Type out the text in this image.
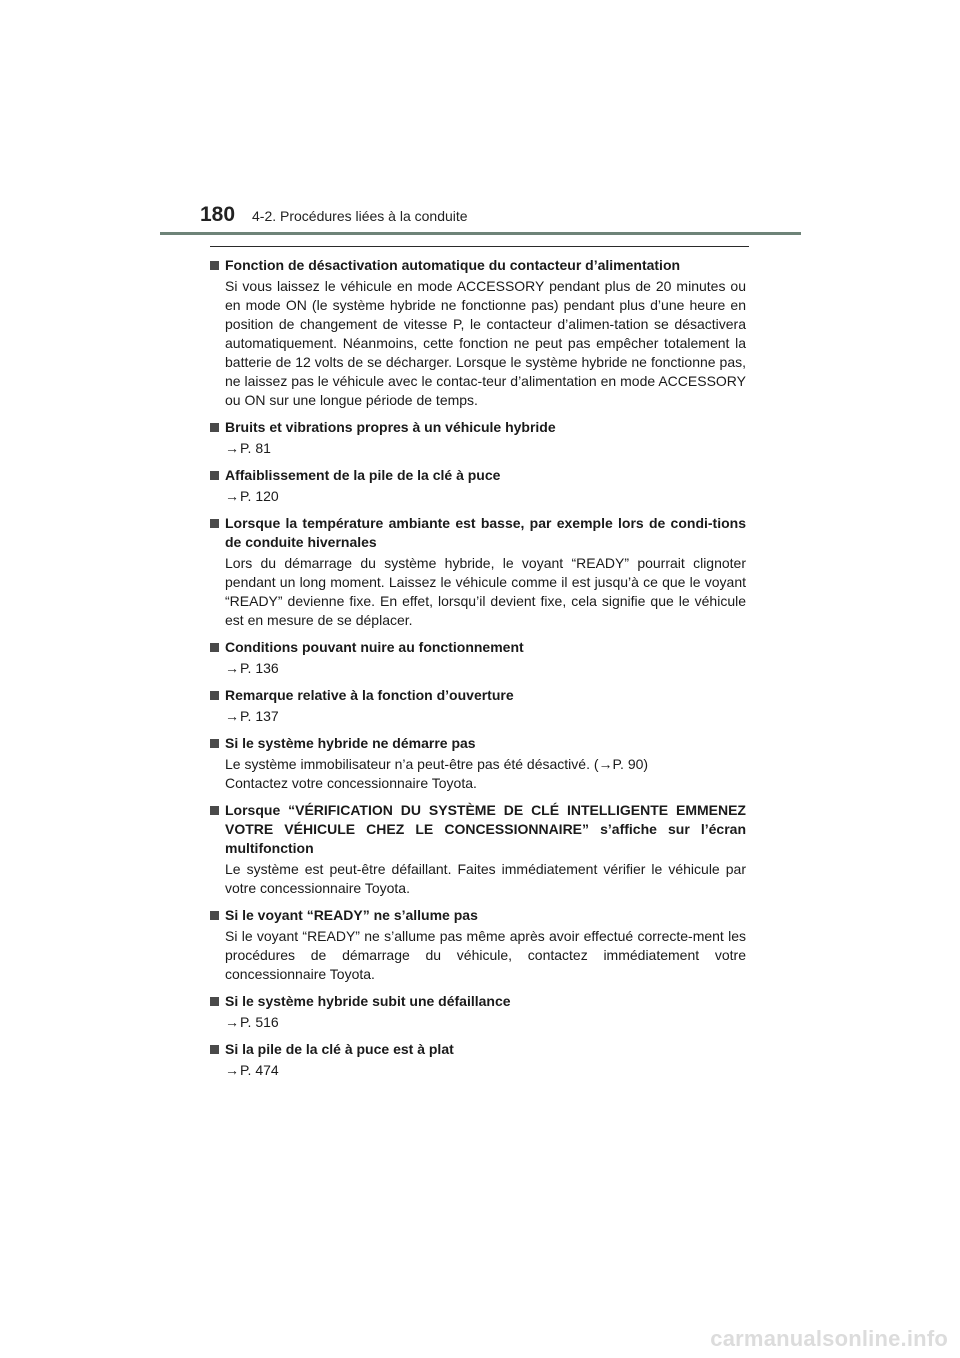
180 4-2. Procédures liées à la conduite
Fonction de désactivation automatique du contacteur d’alimentation

Si vous laissez le véhicule en mode ACCESSORY pendant plus de 20 minutes ou en mode ON (le système hybride ne fonctionne pas) pendant plus d’une heure en position de changement de vitesse P, le contacteur d’alimen-tation se désactivera automatiquement. Néanmoins, cette fonction ne peut pas empêcher totalement la batterie de 12 volts de se décharger. Lorsque le système hybride ne fonctionne pas, ne laissez pas le véhicule avec le contac-teur d’alimentation en mode ACCESSORY ou ON sur une longue période de temps.

Bruits et vibrations propres à un véhicule hybride
→P. 81
Affaiblissement de la pile de la clé à puce
→P. 120
Lorsque la température ambiante est basse, par exemple lors de condi-tions de conduite hivernales

Lors du démarrage du système hybride, le voyant “READY” pourrait clignoter pendant un long moment. Laissez le véhicule comme il est jusqu’à ce que le voyant “READY” devienne fixe. En effet, lorsqu’il devient fixe, cela signifie que le véhicule est en mesure de se déplacer.

Conditions pouvant nuire au fonctionnement
→P. 136
Remarque relative à la fonction d’ouverture
→P. 137
Si le système hybride ne démarre pas

Le système immobilisateur n’a peut-être pas été désactivé. (→P. 90)

Contactez votre concessionnaire Toyota.

Lorsque “VÉRIFICATION DU SYSTÈME DE CLÉ INTELLIGENTE EMMENEZ VOTRE VÉHICULE CHEZ LE CONCESSIONNAIRE” s’affiche sur l’écran multifonction

Le système est peut-être défaillant. Faites immédiatement vérifier le véhicule par votre concessionnaire Toyota.

Si le voyant “READY” ne s’allume pas

Si le voyant “READY” ne s’allume pas même après avoir effectué correcte-ment les procédures de démarrage du véhicule, contactez immédiatement votre concessionnaire Toyota.

Si le système hybride subit une défaillance
→P. 516
Si la pile de la clé à puce est à plat
→P. 474
carmanualsonline.info
